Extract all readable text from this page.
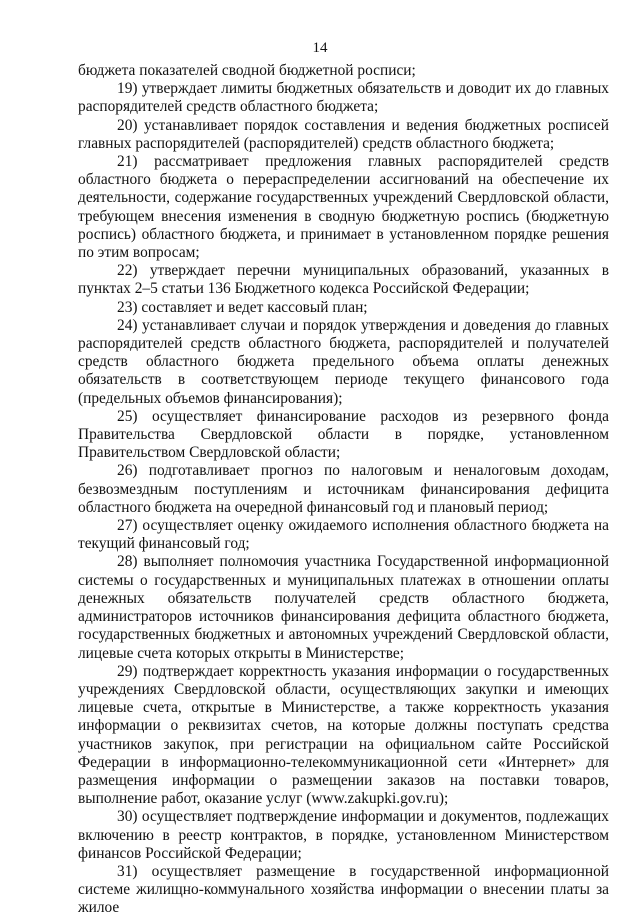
14

бюджета показателей сводной бюджетной росписи;

19) утверждает лимиты бюджетных обязательств и доводит их до главных распорядителей средств областного бюджета;

20) устанавливает порядок составления и ведения бюджетных росписей главных распорядителей (распорядителей) средств областного бюджета;

21) рассматривает предложения главных распорядителей средств областного бюджета о перераспределении ассигнований на обеспечение их деятельности, содержание государственных учреждений Свердловской области, требующем внесения изменения в сводную бюджетную роспись (бюджетную роспись) областного бюджета, и принимает в установленном порядке решения по этим вопросам;

22) утверждает перечни муниципальных образований, указанных в пунктах 2–5 статьи 136 Бюджетного кодекса Российской Федерации;

23) составляет и ведет кассовый план;

24) устанавливает случаи и порядок утверждения и доведения до главных распорядителей средств областного бюджета, распорядителей и получателей средств областного бюджета предельного объема оплаты денежных обязательств в соответствующем периоде текущего финансового года (предельных объемов финансирования);

25) осуществляет финансирование расходов из резервного фонда Правительства Свердловской области в порядке, установленном Правительством Свердловской области;

26) подготавливает прогноз по налоговым и неналоговым доходам, безвозмездным поступлениям и источникам финансирования дефицита областного бюджета на очередной финансовый год и плановый период;

27) осуществляет оценку ожидаемого исполнения областного бюджета на текущий финансовый год;

28) выполняет полномочия участника Государственной информационной системы о государственных и муниципальных платежах в отношении оплаты денежных обязательств получателей средств областного бюджета, администраторов источников финансирования дефицита областного бюджета, государственных бюджетных и автономных учреждений Свердловской области, лицевые счета которых открыты в Министерстве;

29) подтверждает корректность указания информации о государственных учреждениях Свердловской области, осуществляющих закупки и имеющих лицевые счета, открытые в Министерстве, а также корректность указания информации о реквизитах счетов, на которые должны поступать средства участников закупок, при регистрации на официальном сайте Российской Федерации в информационно-телекоммуникационной сети «Интернет» для размещения информации о размещении заказов на поставки товаров, выполнение работ, оказание услуг (www.zakupki.gov.ru);

30) осуществляет подтверждение информации и документов, подлежащих включению в реестр контрактов, в порядке, установленном Министерством финансов Российской Федерации;

31) осуществляет размещение в государственной информационной системе жилищно-коммунального хозяйства информации о внесении платы за жилое
